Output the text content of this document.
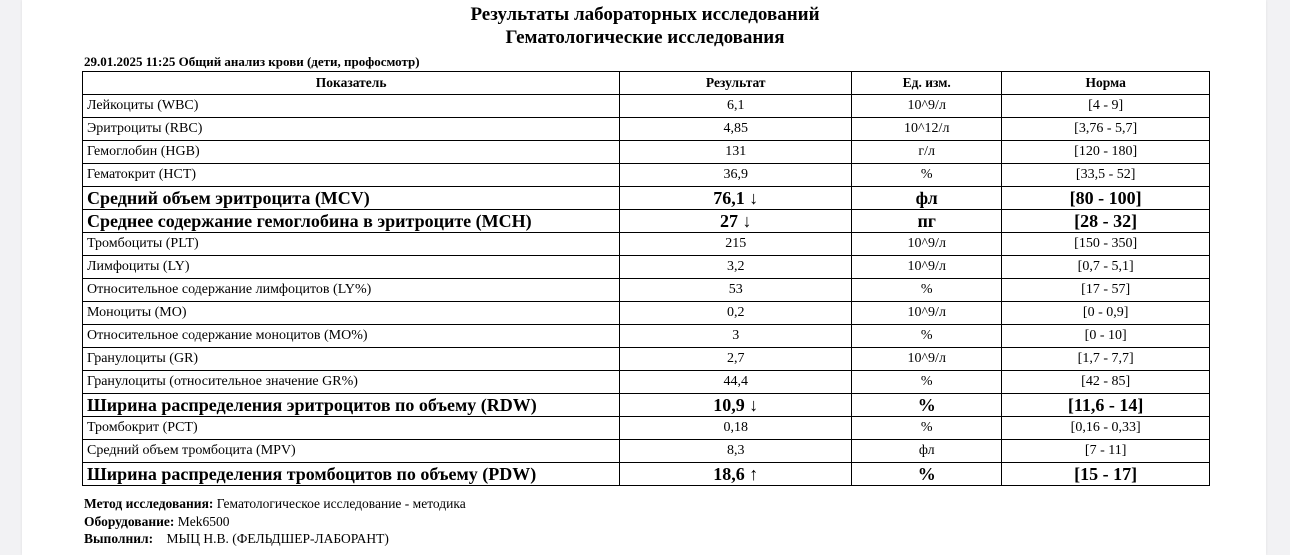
Результаты лабораторных исследований
Гематологические исследования
29.01.2025 11:25 Общий анализ крови (дети, профосмотр)
Показатель	Результат	Ед. изм.	Норма
Лейкоциты (WBC)	6,1	10^9/л	[4 - 9]
Эритроциты (RBC)	4,85	10^12/л	[3,76 - 5,7]
Гемоглобин (HGB)	131	г/л	[120 - 180]
Гематокрит (HCT)	36,9	%	[33,5 - 52]
Средний объем эритроцита (MCV)	76,1 ↓	фл	[80 - 100]
Среднее содержание гемоглобина в эритроците (MCH)	27 ↓	пг	[28 - 32]
Тромбоциты (PLT)	215	10^9/л	[150 - 350]
Лимфоциты (LY)	3,2	10^9/л	[0,7 - 5,1]
Относительное содержание лимфоцитов (LY%)	53	%	[17 - 57]
Моноциты (MO)	0,2	10^9/л	[0 - 0,9]
Относительное содержание моноцитов (MO%)	3	%	[0 - 10]
Гранулоциты (GR)	2,7	10^9/л	[1,7 - 7,7]
Гранулоциты (относительное значение GR%)	44,4	%	[42 - 85]
Ширина распределения эритроцитов по объему (RDW)	10,9 ↓	%	[11,6 - 14]
Тромбокрит (PCT)	0,18	%	[0,16 - 0,33]
Средний объем тромбоцита (MPV)	8,3	фл	[7 - 11]
Ширина распределения тромбоцитов по объему (PDW)	18,6 ↑	%	[15 - 17]
Метод исследования: Гематологическое исследование - методика
Оборудование: Mek6500
Выполнил: МЫЦ Н.В. (ФЕЛЬДШЕР-ЛАБОРАНТ)
